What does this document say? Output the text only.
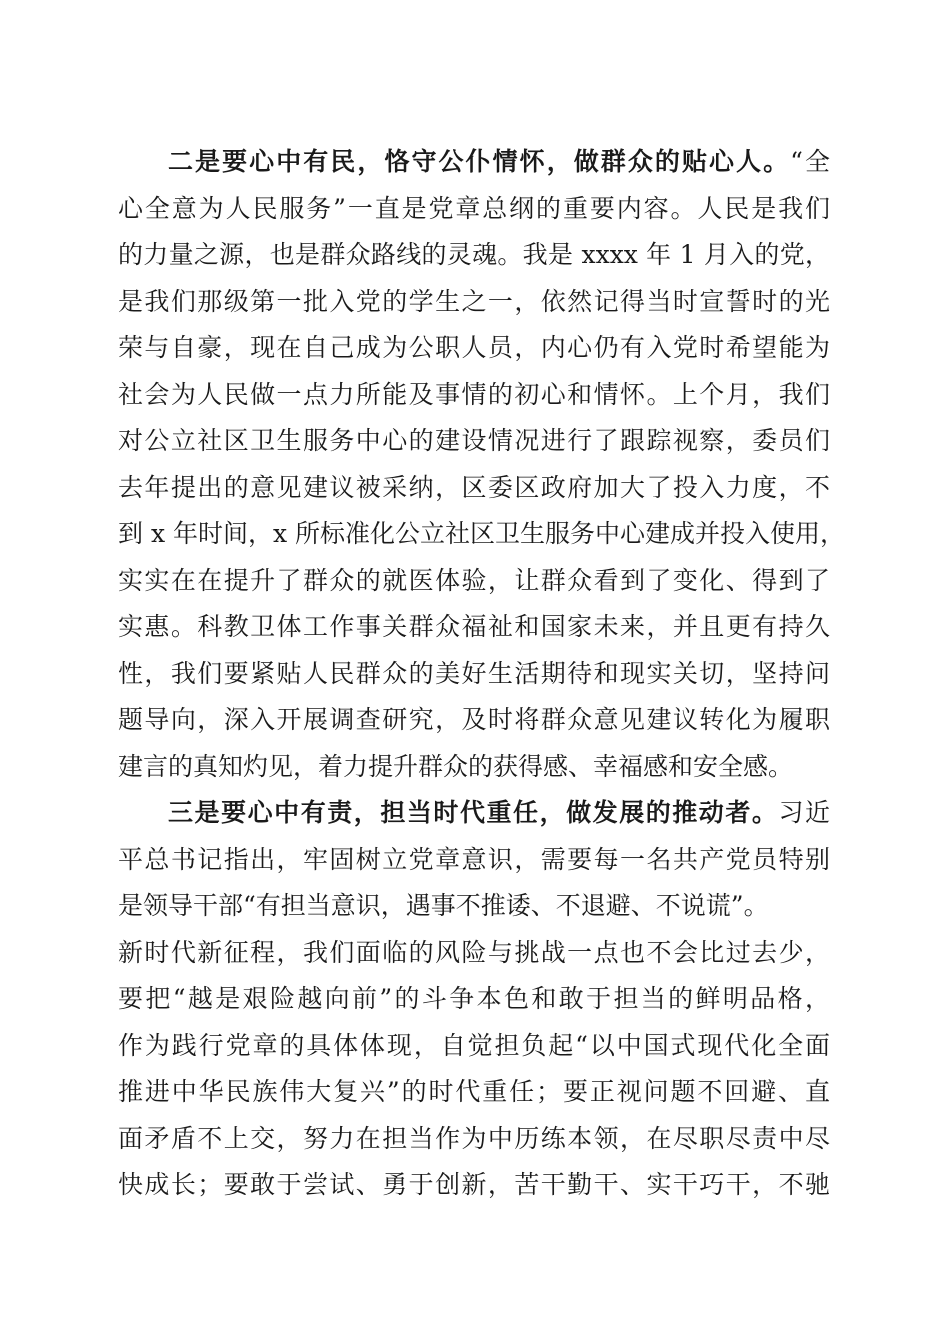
二是要心中有民，恪守公仆情怀，做群众的贴心人。“全
心全意为人民服务”一直是党章总纲的重要内容。人民是我们
的力量之源，也是群众路线的灵魂。我是 xxxx 年 1 月入的党，
是我们那级第一批入党的学生之一，依然记得当时宣誓时的光
荣与自豪，现在自己成为公职人员，内心仍有入党时希望能为
社会为人民做一点力所能及事情的初心和情怀。上个月，我们
对公立社区卫生服务中心的建设情况进行了跟踪视察，委员们
去年提出的意见建议被采纳，区委区政府加大了投入力度，不
到 x 年时间，x 所标准化公立社区卫生服务中心建成并投入使用，
实实在在提升了群众的就医体验，让群众看到了变化、得到了
实惠。科教卫体工作事关群众福祉和国家未来，并且更有持久
性，我们要紧贴人民群众的美好生活期待和现实关切，坚持问
题导向，深入开展调查研究，及时将群众意见建议转化为履职
建言的真知灼见，着力提升群众的获得感、幸福感和安全感。
三是要心中有责，担当时代重任，做发展的推动者。习近
平总书记指出，牢固树立党章意识，需要每一名共产党员特别
是领导干部“有担当意识，遇事不推诿、不退避、不说谎”。
新时代新征程，我们面临的风险与挑战一点也不会比过去少，
要把“越是艰险越向前”的斗争本色和敢于担当的鲜明品格，
作为践行党章的具体体现，自觉担负起“以中国式现代化全面
推进中华民族伟大复兴”的时代重任；要正视问题不回避、直
面矛盾不上交，努力在担当作为中历练本领，在尽职尽责中尽
快成长；要敢于尝试、勇于创新，苦干勤干、实干巧干，不驰
